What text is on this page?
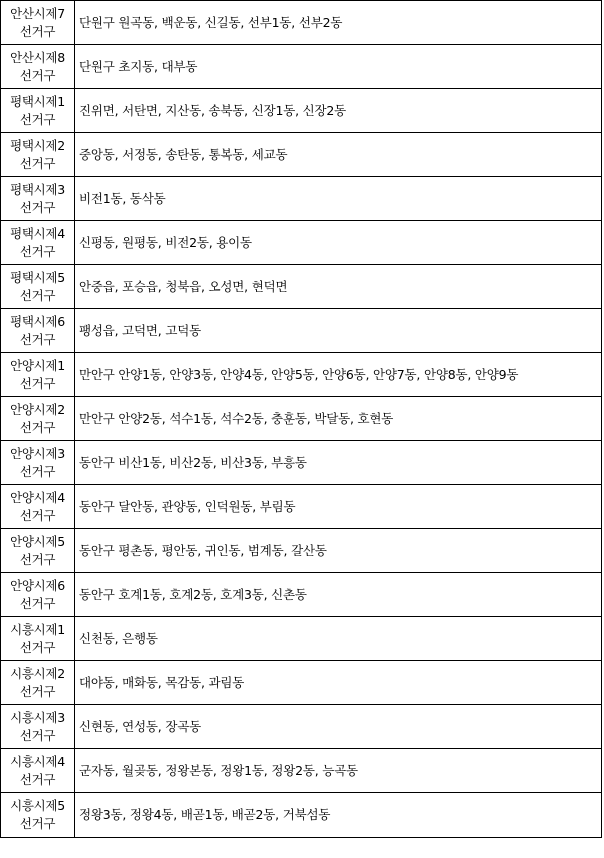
안산시제7
선거구	단원구 원곡동, 백운동, 신길동, 선부1동, 선부2동

안산시제8
선거구	단원구 초지동, 대부동

평택시제1
선거구	진위면, 서탄면, 지산동, 송북동, 신장1동, 신장2동

평택시제2
선거구	중앙동, 서정동, 송탄동, 통복동, 세교동

평택시제3
선거구	비전1동, 동삭동

평택시제4
선거구	신평동, 원평동, 비전2동, 용이동

평택시제5
선거구	안중읍, 포승읍, 청북읍, 오성면, 현덕면

평택시제6
선거구	팽성읍, 고덕면, 고덕동

안양시제1
선거구	만안구 안양1동, 안양3동, 안양4동, 안양5동, 안양6동, 안양7동, 안양8동, 안양9동

안양시제2
선거구	만안구 안양2동, 석수1동, 석수2동, 충훈동, 박달동, 호현동

안양시제3
선거구	동안구 비산1동, 비산2동, 비산3동, 부흥동

안양시제4
선거구	동안구 달안동, 관양동, 인덕원동, 부림동

안양시제5
선거구	동안구 평촌동, 평안동, 귀인동, 범계동, 갈산동

안양시제6
선거구	동안구 호계1동, 호계2동, 호계3동, 신촌동

시흥시제1
선거구	신천동, 은행동

시흥시제2
선거구	대야동, 매화동, 목감동, 과림동

시흥시제3
선거구	신현동, 연성동, 장곡동

시흥시제4
선거구	군자동, 월곶동, 정왕본동, 정왕1동, 정왕2동, 능곡동

시흥시제5
선거구	정왕3동, 정왕4동, 배곧1동, 배곧2동, 거북섬동
